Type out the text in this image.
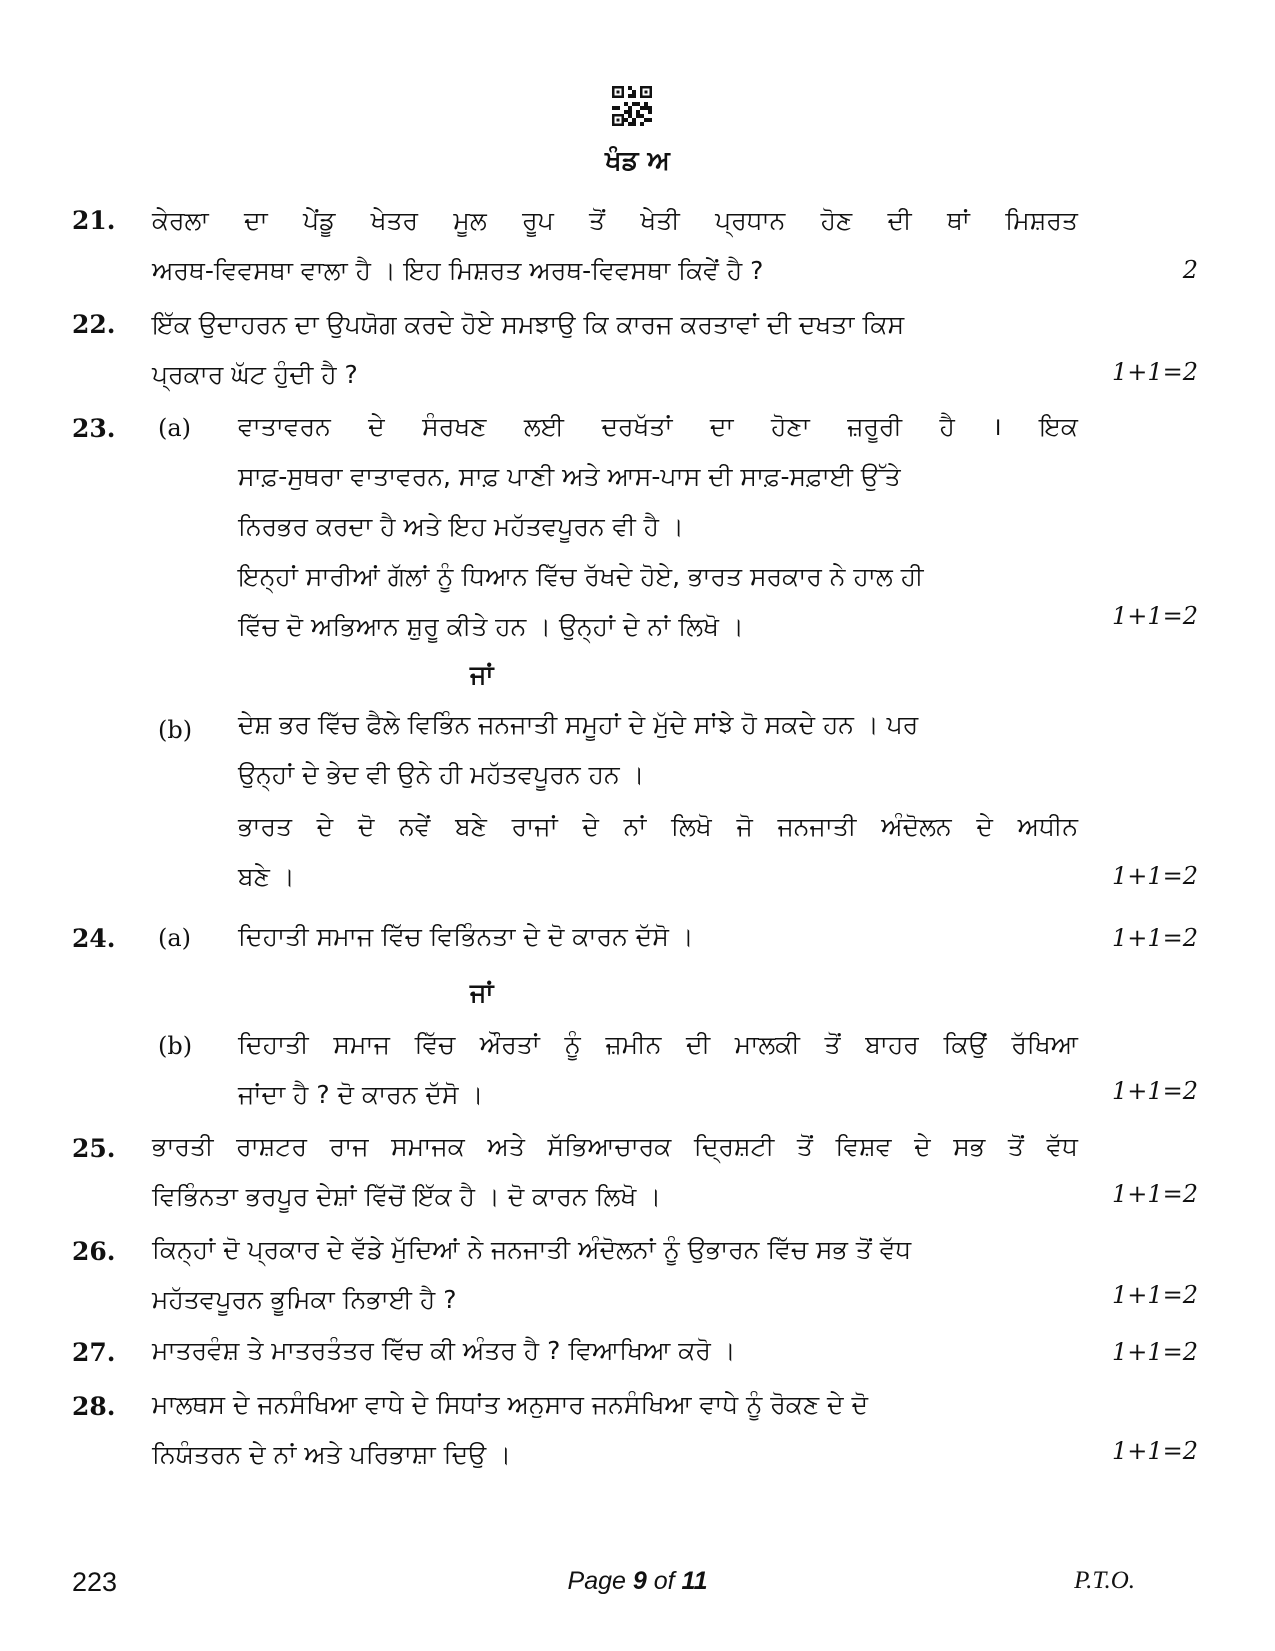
ਖੰਡ ਅ
21. ਕੇਰਲਾ ਦਾ ਪੇਂਡੂ ਖੇਤਰ ਮੂਲ ਰੂਪ ਤੋਂ ਖੇਤੀ ਪ੍ਰਧਾਨ ਹੋਣ ਦੀ ਥਾਂ ਮਿਸ਼ਰਤ
ਅਰਥ-ਵਿਵਸਥਾ ਵਾਲਾ ਹੈ । ਇਹ ਮਿਸ਼ਰਤ ਅਰਥ-ਵਿਵਸਥਾ ਕਿਵੇਂ ਹੈ ?	2
22. ਇੱਕ ਉਦਾਹਰਨ ਦਾ ਉਪਯੋਗ ਕਰਦੇ ਹੋਏ ਸਮਝਾਉ ਕਿ ਕਾਰਜ ਕਰਤਾਵਾਂ ਦੀ ਦਖਤਾ ਕਿਸ
ਪ੍ਰਕਾਰ ਘੱਟ ਹੁੰਦੀ ਹੈ ?	1+1=2
23. (a) ਵਾਤਾਵਰਨ ਦੇ ਸੰਰਖਣ ਲਈ ਦਰਖੱਤਾਂ ਦਾ ਹੋਣਾ ਜ਼ਰੂਰੀ ਹੈ । ਇਕ
ਸਾਫ਼-ਸੁਥਰਾ ਵਾਤਾਵਰਨ, ਸਾਫ਼ ਪਾਣੀ ਅਤੇ ਆਸ-ਪਾਸ ਦੀ ਸਾਫ਼-ਸਫ਼ਾਈ ਉੱਤੇ
ਨਿਰਭਰ ਕਰਦਾ ਹੈ ਅਤੇ ਇਹ ਮਹੱਤਵਪੂਰਨ ਵੀ ਹੈ ।
ਇਨ੍ਹਾਂ ਸਾਰੀਆਂ ਗੱਲਾਂ ਨੂੰ ਧਿਆਨ ਵਿੱਚ ਰੱਖਦੇ ਹੋਏ, ਭਾਰਤ ਸਰਕਾਰ ਨੇ ਹਾਲ ਹੀ
ਵਿੱਚ ਦੋ ਅਭਿਆਨ ਸ਼ੁਰੂ ਕੀਤੇ ਹਨ । ਉਨ੍ਹਾਂ ਦੇ ਨਾਂ ਲਿਖੋ ।	1+1=2
ਜਾਂ
(b) ਦੇਸ਼ ਭਰ ਵਿੱਚ ਫੈਲੇ ਵਿਭਿੰਨ ਜਨਜਾਤੀ ਸਮੂਹਾਂ ਦੇ ਮੁੱਦੇ ਸਾਂਝੇ ਹੋ ਸਕਦੇ ਹਨ । ਪਰ
ਉਨ੍ਹਾਂ ਦੇ ਭੇਦ ਵੀ ਉਨੇ ਹੀ ਮਹੱਤਵਪੂਰਨ ਹਨ ।
ਭਾਰਤ ਦੇ ਦੋ ਨਵੇਂ ਬਣੇ ਰਾਜਾਂ ਦੇ ਨਾਂ ਲਿਖੋ ਜੋ ਜਨਜਾਤੀ ਅੰਦੋਲਨ ਦੇ ਅਧੀਨ
ਬਣੇ ।	1+1=2
24. (a) ਦਿਹਾਤੀ ਸਮਾਜ ਵਿੱਚ ਵਿਭਿੰਨਤਾ ਦੇ ਦੋ ਕਾਰਨ ਦੱਸੋ ।	1+1=2
ਜਾਂ
(b) ਦਿਹਾਤੀ ਸਮਾਜ ਵਿੱਚ ਔਰਤਾਂ ਨੂੰ ਜ਼ਮੀਨ ਦੀ ਮਾਲਕੀ ਤੋਂ ਬਾਹਰ ਕਿਉਂ ਰੱਖਿਆ
ਜਾਂਦਾ ਹੈ ? ਦੋ ਕਾਰਨ ਦੱਸੋ ।	1+1=2
25. ਭਾਰਤੀ ਰਾਸ਼ਟਰ ਰਾਜ ਸਮਾਜਕ ਅਤੇ ਸੱਭਿਆਚਾਰਕ ਦ੍ਰਿਸ਼ਟੀ ਤੋਂ ਵਿਸ਼ਵ ਦੇ ਸਭ ਤੋਂ ਵੱਧ
ਵਿਭਿੰਨਤਾ ਭਰਪੂਰ ਦੇਸ਼ਾਂ ਵਿੱਚੋਂ ਇੱਕ ਹੈ । ਦੋ ਕਾਰਨ ਲਿਖੋ ।	1+1=2
26. ਕਿਨ੍ਹਾਂ ਦੋ ਪ੍ਰਕਾਰ ਦੇ ਵੱਡੇ ਮੁੱਦਿਆਂ ਨੇ ਜਨਜਾਤੀ ਅੰਦੋਲਨਾਂ ਨੂੰ ਉਭਾਰਨ ਵਿੱਚ ਸਭ ਤੋਂ ਵੱਧ
ਮਹੱਤਵਪੂਰਨ ਭੂਮਿਕਾ ਨਿਭਾਈ ਹੈ ?	1+1=2
27. ਮਾਤਰਵੰਸ਼ ਤੇ ਮਾਤਰਤੰਤਰ ਵਿੱਚ ਕੀ ਅੰਤਰ ਹੈ ? ਵਿਆਖਿਆ ਕਰੋ ।	1+1=2
28. ਮਾਲਥਸ ਦੇ ਜਨਸੰਖਿਆ ਵਾਧੇ ਦੇ ਸਿਧਾਂਤ ਅਨੁਸਾਰ ਜਨਸੰਖਿਆ ਵਾਧੇ ਨੂੰ ਰੋਕਣ ਦੇ ਦੋ
ਨਿਯੰਤਰਨ ਦੇ ਨਾਂ ਅਤੇ ਪਰਿਭਾਸ਼ਾ ਦਿਉ ।	1+1=2
223	Page 9 of 11	P.T.O.
